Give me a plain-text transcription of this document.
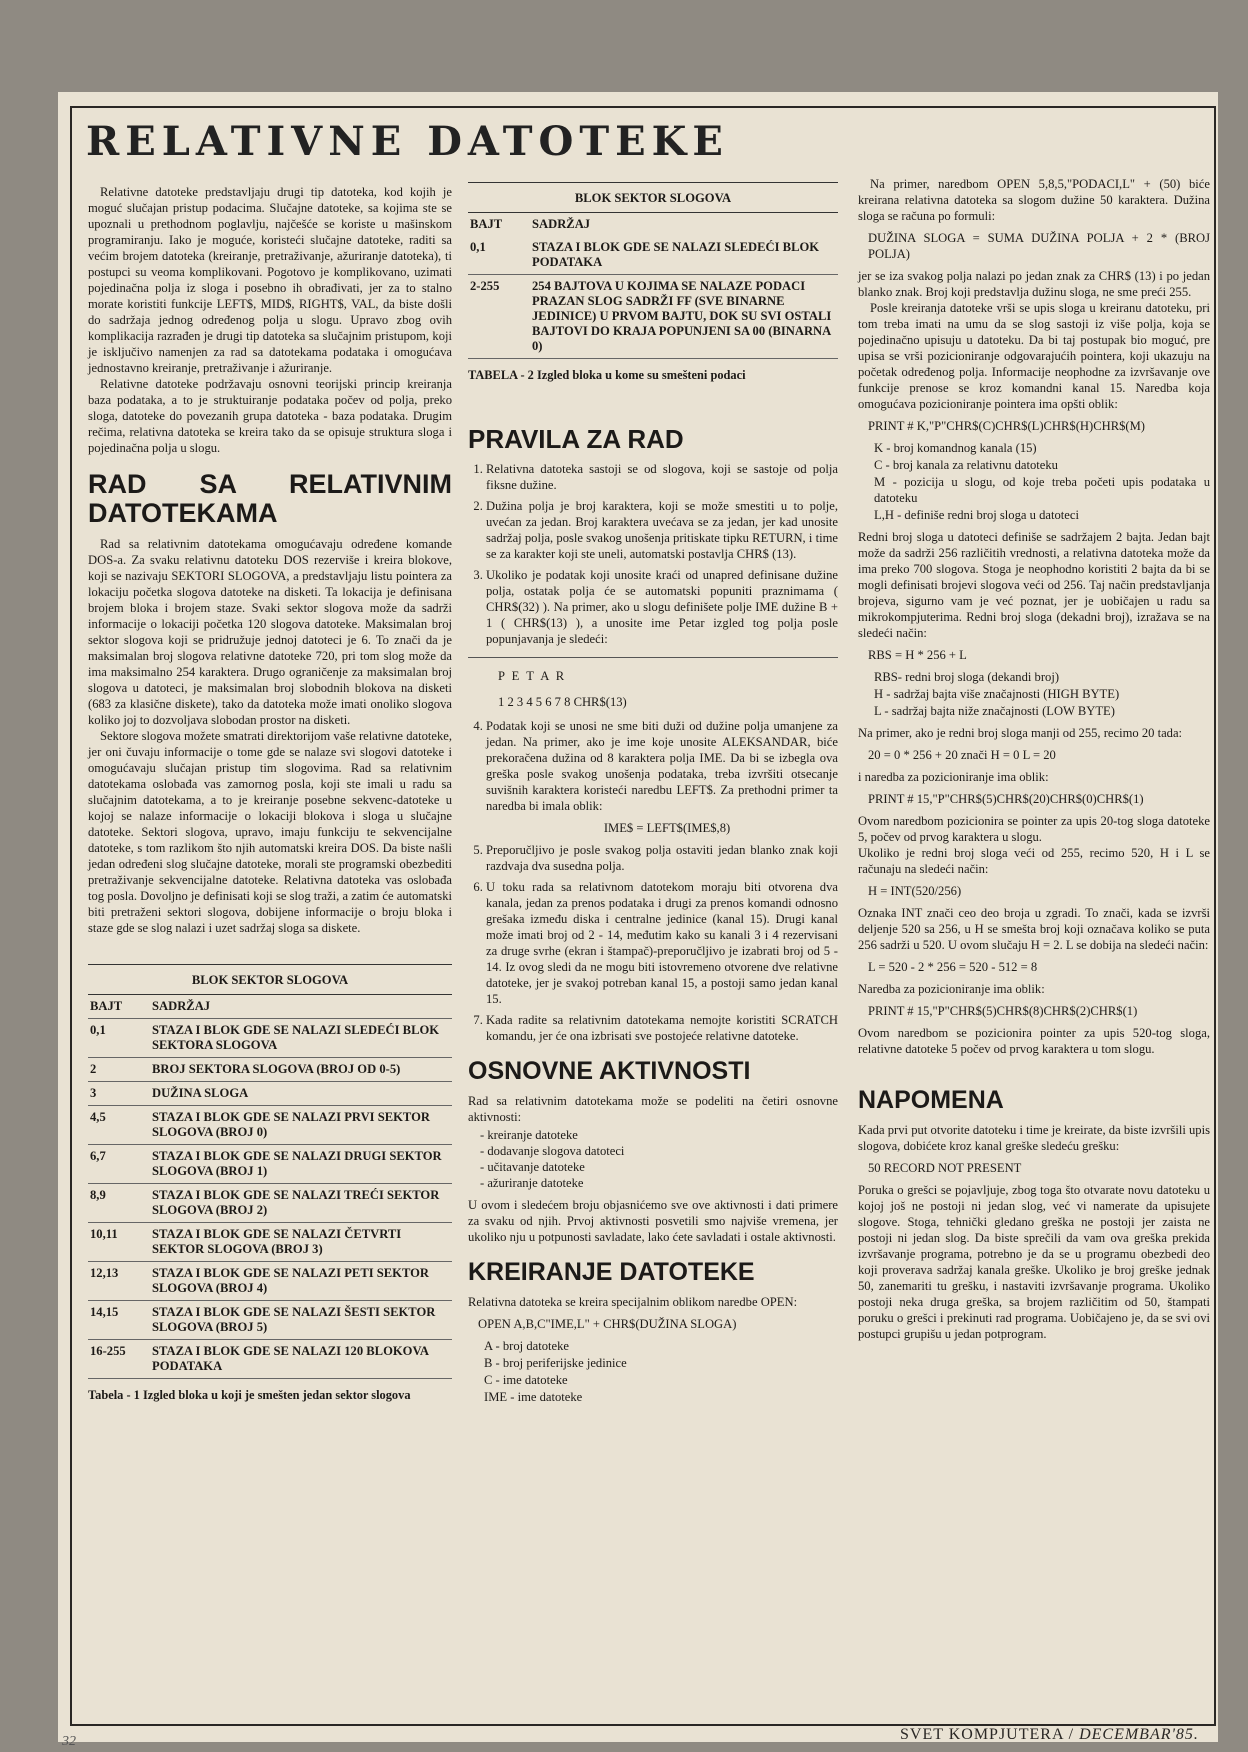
RELATIVNE DATOTEKE

Relativne datoteke predstavljaju drugi tip datoteka, kod kojih je moguć slučajan pristup podacima. Slučajne datoteke, sa kojima ste se upoznali u prethodnom poglavlju, najčešće se koriste u mašinskom programiranju. Iako je moguće, koristeći slučajne datoteke, raditi sa većim brojem datoteka (kreiranje, pretraživanje, ažuriranje datoteka), ti postupci su veoma komplikovani. Pogotovo je komplikovano, uzimati pojedinačna polja iz sloga i posebno ih obrađivati, jer za to stalno morate koristiti funkcije LEFT$, MID$, RIGHT$, VAL, da biste došli do sadržaja jednog određenog polja u slogu. Upravo zbog ovih komplikacija razrađen je drugi tip datoteka sa slučajnim pristupom, koji je isključivo namenjen za rad sa datotekama podataka i omogućava jednostavno kreiranje, pretraživanje i ažuriranje.

Relativne datoteke podržavaju osnovni teorijski princip kreiranja baza podataka, a to je struktuiranje podataka počev od polja, preko sloga, datoteke do povezanih grupa datoteka - baza podataka. Drugim rečima, relativna datoteka se kreira tako da se opisuje struktura sloga i pojedinačna polja u slogu.

RAD SA RELATIVNIM DATOTEKAMA

Rad sa relativnim datotekama omogućavaju određene komande DOS-a. Za svaku relativnu datoteku DOS rezerviše i kreira blokove, koji se nazivaju SEKTORI SLOGOVA, a predstavljaju listu pointera za lokaciju početka slogova datoteke na disketi. Ta lokacija je definisana brojem bloka i brojem staze. Svaki sektor slogova može da sadrži informacije o lokaciji početka 120 slogova datoteke. Maksimalan broj sektor slogova koji se pridružuje jednoj datoteci je 6. To znači da je maksimalan broj slogova relativne datoteke 720, pri tom slog može da ima maksimalno 254 karaktera. Drugo ograničenje za maksimalan broj slogova u datoteci, je maksimalan broj slobodnih blokova na disketi (683 za klasične diskete), tako da datoteka može imati onoliko slogova koliko joj to dozvoljava slobodan prostor na disketi.

Sektore slogova možete smatrati direktorijom vaše relativne datoteke, jer oni čuvaju informacije o tome gde se nalaze svi slogovi datoteke i omogućavaju slučajan pristup tim slogovima. Rad sa relativnim datotekama oslobađa vas zamornog posla, koji ste imali u radu sa slučajnim datotekama, a to je kreiranje posebne sekvenc-datoteke u kojoj se nalaze informacije o lokaciji blokova i sloga u slučajne datoteke. Sektori slogova, upravo, imaju funkciju te sekvencijalne datoteke, s tom razlikom što njih automatski kreira DOS. Da biste našli jedan određeni slog slučajne datoteke, morali ste programski obezbediti pretraživanje sekvencijalne datoteke. Relativna datoteka vas oslobađa tog posla. Dovoljno je definisati koji se slog traži, a zatim će automatski biti pretraženi sektori slogova, dobijene informacije o broju bloka i staze gde se slog nalazi i uzet sadržaj sloga sa diskete.

BLOK SEKTOR SLOGOVA	
BAJT	SADRŽAJ
0,1	STAZA I BLOK GDE SE NALAZI SLEDEĆI BLOK SEKTORA SLOGOVA
2	BROJ SEKTORA SLOGOVA (BROJ OD 0-5)
3	DUŽINA SLOGA
4,5	STAZA I BLOK GDE SE NALAZI PRVI SEKTOR SLOGOVA (BROJ 0)
6,7	STAZA I BLOK GDE SE NALAZI DRUGI SEKTOR SLOGOVA (BROJ 1)
8,9	STAZA I BLOK GDE SE NALAZI TREĆI SEKTOR SLOGOVA (BROJ 2)
10,11	STAZA I BLOK GDE SE NALAZI ČETVRTI SEKTOR SLOGOVA (BROJ 3)
12,13	STAZA I BLOK GDE SE NALAZI PETI SEKTOR SLOGOVA (BROJ 4)
14,15	STAZA I BLOK GDE SE NALAZI ŠESTI SEKTOR SLOGOVA (BROJ 5)
16-255	STAZA I BLOK GDE SE NALAZI 120 BLOKOVA PODATAKA
Tabela - 1 Izgled bloka u koji je smešten jedan sektor slogova
BLOK SEKTOR SLOGOVA	
BAJT	SADRŽAJ
0,1	STAZA I BLOK GDE SE NALAZI SLEDEĆI BLOK PODATAKA
2-255	254 BAJTOVA U KOJIMA SE NALAZE PODACI PRAZAN SLOG SADRŽI FF (SVE BINARNE JEDINICE) U PRVOM BAJTU, DOK SU SVI OSTALI BAJTOVI DO KRAJA POPUNJENI SA 00 (BINARNA 0)
TABELA - 2 Izgled bloka u kome su smešteni podaci
PRAVILA ZA RAD
1. Relativna datoteka sastoji se od slogova, koji se sastoje od polja fiksne dužine.
2. Dužina polja je broj karaktera, koji se može smestiti u to polje, uvećan za jedan. Broj karaktera uvećava se za jedan, jer kad unosite sadržaj polja, posle svakog unošenja pritiskate tipku RETURN, i time se za karakter koji ste uneli, automatski postavlja CHR$ (13).
3. Ukoliko je podatak koji unosite kraći od unapred definisane dužine polja, ostatak polja će se automatski popuniti praznimama ( CHR$(32) ). Na primer, ako u slogu definišete polje IME dužine B + 1 ( CHR$(13) ), a unosite ime Petar izgled tog polja posle popunjavanja je sledeći:
P E T A R
1 2 3 4 5 6 7 8 CHR$(13)
4. Podatak koji se unosi ne sme biti duži od dužine polja umanjene za jedan. Na primer, ako je ime koje unosite ALEKSANDAR, biće prekoračena dužina od 8 karaktera polja IME. Da bi se izbegla ova greška posle svakog unošenja podataka, treba izvršiti otsecanje suvišnih karaktera koristeći naredbu LEFT$. Za prethodni primer ta naredba bi imala oblik:
IME$ = LEFT$(IME$,8)
5. Preporučljivo je posle svakog polja ostaviti jedan blanko znak koji razdvaja dva susedna polja.
6. U toku rada sa relativnom datotekom moraju biti otvorena dva kanala, jedan za prenos podataka i drugi za prenos komandi odnosno grešaka između diska i centralne jedinice (kanal 15). Drugi kanal može imati broj od 2 - 14, međutim kako su kanali 3 i 4 rezervisani za druge svrhe (ekran i štampač)-preporučljivo je izabrati broj od 5 - 14. Iz ovog sledi da ne mogu biti istovremeno otvorene dve relativne datoteke, jer je svakoj potreban kanal 15, a postoji samo jedan kanal 15.
7. Kada radite sa relativnim datotekama nemojte koristiti SCRATCH komandu, jer će ona izbrisati sve postojeće relativne datoteke.
OSNOVNE AKTIVNOSTI

Rad sa relativnim datotekama može se podeliti na četiri osnovne aktivnosti:

- kreiranje datoteke
- dodavanje slogova datoteci
- učitavanje datoteke
- ažuriranje datoteke

U ovom i sledećem broju objasnićemo sve ove aktivnosti i dati primere za svaku od njih. Prvoj aktivnosti posvetili smo najviše vremena, jer ukoliko nju u potpunosti savladate, lako ćete savladati i ostale aktivnosti.

KREIRANJE DATOTEKE

Relativna datoteka se kreira specijalnim oblikom naredbe OPEN:

OPEN A,B,C"IME,L" + CHR$(DUŽINA SLOGA)
A - broj datoteke
B - broj periferijske jedinice
C - ime datoteke
IME - ime datoteke

Na primer, naredbom OPEN 5,8,5,"PODACI,L" + (50) biće kreirana relativna datoteka sa slogom dužine 50 karaktera. Dužina sloga se računa po formuli:

DUŽINA SLOGA = SUMA DUŽINA POLJA + 2 * (BROJ POLJA)

jer se iza svakog polja nalazi po jedan znak za CHR$ (13) i po jedan blanko znak. Broj koji predstavlja dužinu sloga, ne sme preći 255.

Posle kreiranja datoteke vrši se upis sloga u kreiranu datoteku, pri tom treba imati na umu da se slog sastoji iz više polja, koja se pojedinačno upisuju u datoteku. Da bi taj postupak bio moguć, pre upisa se vrši pozicioniranje odgovarajućih pointera, koji ukazuju na početak određenog polja. Informacije neophodne za izvršavanje ove funkcije prenose se kroz komandni kanal 15. Naredba koja omogućava pozicioniranje pointera ima opšti oblik:

PRINT # K,"P"CHR$(C)CHR$(L)CHR$(H)CHR$(M)
K - broj komandnog kanala (15)
C - broj kanala za relativnu datoteku
M - pozicija u slogu, od koje treba početi upis podataka u datoteku
L,H - definiše redni broj sloga u datoteci

Redni broj sloga u datoteci definiše se sadržajem 2 bajta. Jedan bajt može da sadrži 256 različitih vrednosti, a relativna datoteka može da ima preko 700 slogova. Stoga je neophodno koristiti 2 bajta da bi se mogli definisati brojevi slogova veći od 256. Taj način predstavljanja brojeva, sigurno vam je već poznat, jer je uobičajen u radu sa mikrokompjuterima. Redni broj sloga (dekadni broj), izražava se na sledeći način:

RBS = H * 256 + L
RBS- redni broj sloga (dekandi broj)
H - sadržaj bajta više značajnosti (HIGH BYTE)
L - sadržaj bajta niže značajnosti (LOW BYTE)

Na primer, ako je redni broj sloga manji od 255, recimo 20 tada:

20 = 0 * 256 + 20 znači H = 0 L = 20

i naredba za pozicioniranje ima oblik:

PRINT # 15,"P"CHR$(5)CHR$(20)CHR$(0)CHR$(1)

Ovom naredbom pozicionira se pointer za upis 20-tog sloga datoteke 5, počev od prvog karaktera u slogu.

Ukoliko je redni broj sloga veći od 255, recimo 520, H i L se računaju na sledeći način:

H = INT(520/256)

Oznaka INT znači ceo deo broja u zgradi. To znači, kada se izvrši deljenje 520 sa 256, u H se smešta broj koji označava koliko se puta 256 sadrži u 520. U ovom slučaju H = 2. L se dobija na sledeći način:

L = 520 - 2 * 256 = 520 - 512 = 8

Naredba za pozicioniranje ima oblik:

PRINT # 15,"P"CHR$(5)CHR$(8)CHR$(2)CHR$(1)

Ovom naredbom se pozicionira pointer za upis 520-tog sloga, relativne datoteke 5 počev od prvog karaktera u tom slogu.

NAPOMENA

Kada prvi put otvorite datoteku i time je kreirate, da biste izvršili upis slogova, dobićete kroz kanal greške sledeću grešku:

50 RECORD NOT PRESENT

Poruka o grešci se pojavljuje, zbog toga što otvarate novu datoteku u kojoj još ne postoji ni jedan slog, već vi namerate da upisujete slogove. Stoga, tehnički gledano greška ne postoji jer zaista ne postoji ni jedan slog. Da biste sprečili da vam ova greška prekida izvršavanje programa, potrebno je da se u programu obezbedi deo koji proverava sadržaj kanala greške. Ukoliko je broj greške jednak 50, zanemariti tu grešku, i nastaviti izvršavanje programa. Ukoliko postoji neka druga greška, sa brojem različitim od 50, štampati poruku o grešci i prekinuti rad programa. Uobičajeno je, da se svi ovi postupci grupišu u jedan potprogram.

SVET KOMPJUTERA / DECEMBAR'85.
32
